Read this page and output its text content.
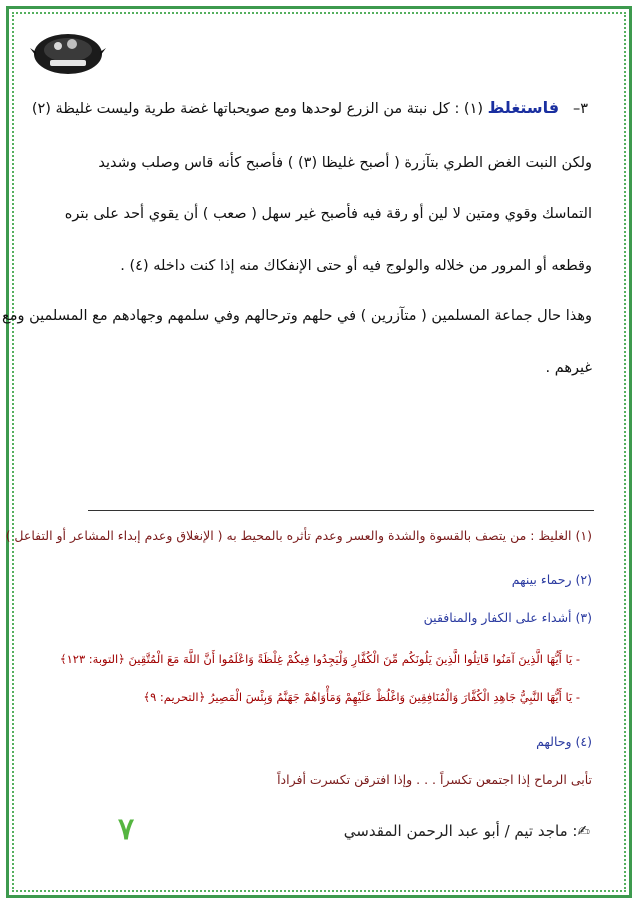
٣–   فاستغلظ (١) : كل نبتة من الزرع لوحدها ومع صويحباتها غضة طرية وليست غليظة (٢)
ولكن النبت الغض الطري بتآزرة ( أصبح غليظا (٣) ) فأصبح كأنه قاس وصلب وشديد
التماسك وقوي ومتين لا لين أو رقة فيه فأصبح غير سهل ( صعب ) أن يقوي أحد على بتره
وقطعه أو المرور من خلاله والولوج فيه أو حتى الإنفكاك منه إذا كنت داخله (٤) .
وهذا حال جماعة المسلمين ( متآزرين ) في حلهم وترحالهم وفي سلمهم وجهادهم مع المسلمين ومع
غيرهم .
(١) الغليظ : من يتصف بالقسوة والشدة والعسر وعدم تأثره بالمحيط به ( الإنغلاق وعدم إبداء المشاعر أو التفاعل )
(٢) رحماء بينهم
(٣) أشداء على الكفار والمنافقين
- يَا أَيُّهَا الَّذِينَ آمَنُوا قَاتِلُوا الَّذِينَ يَلُونَكُم مِّنَ الْكُفَّارِ وَلْيَجِدُوا فِيكُمْ غِلْظَةً وَاعْلَمُوا أَنَّ اللَّهَ مَعَ الْمُتَّقِينَ ﴿التوبة: ١٢٣﴾
- يَا أَيُّهَا النَّبِيُّ جَاهِدِ الْكُفَّارَ وَالْمُنَافِقِينَ وَاغْلُظْ عَلَيْهِمْ وَمَأْوَاهُمْ جَهَنَّمُ وَبِئْسَ الْمَصِيرُ ﴿التحريم: ٩﴾
(٤) وحالهم
تأبى الرماح إذا اجتمعن تكسراً . . . وإذا افترقن تكسرت أفراداً
✍: ماجد تيم / أبو عبد الرحمن المقدسي
٧
